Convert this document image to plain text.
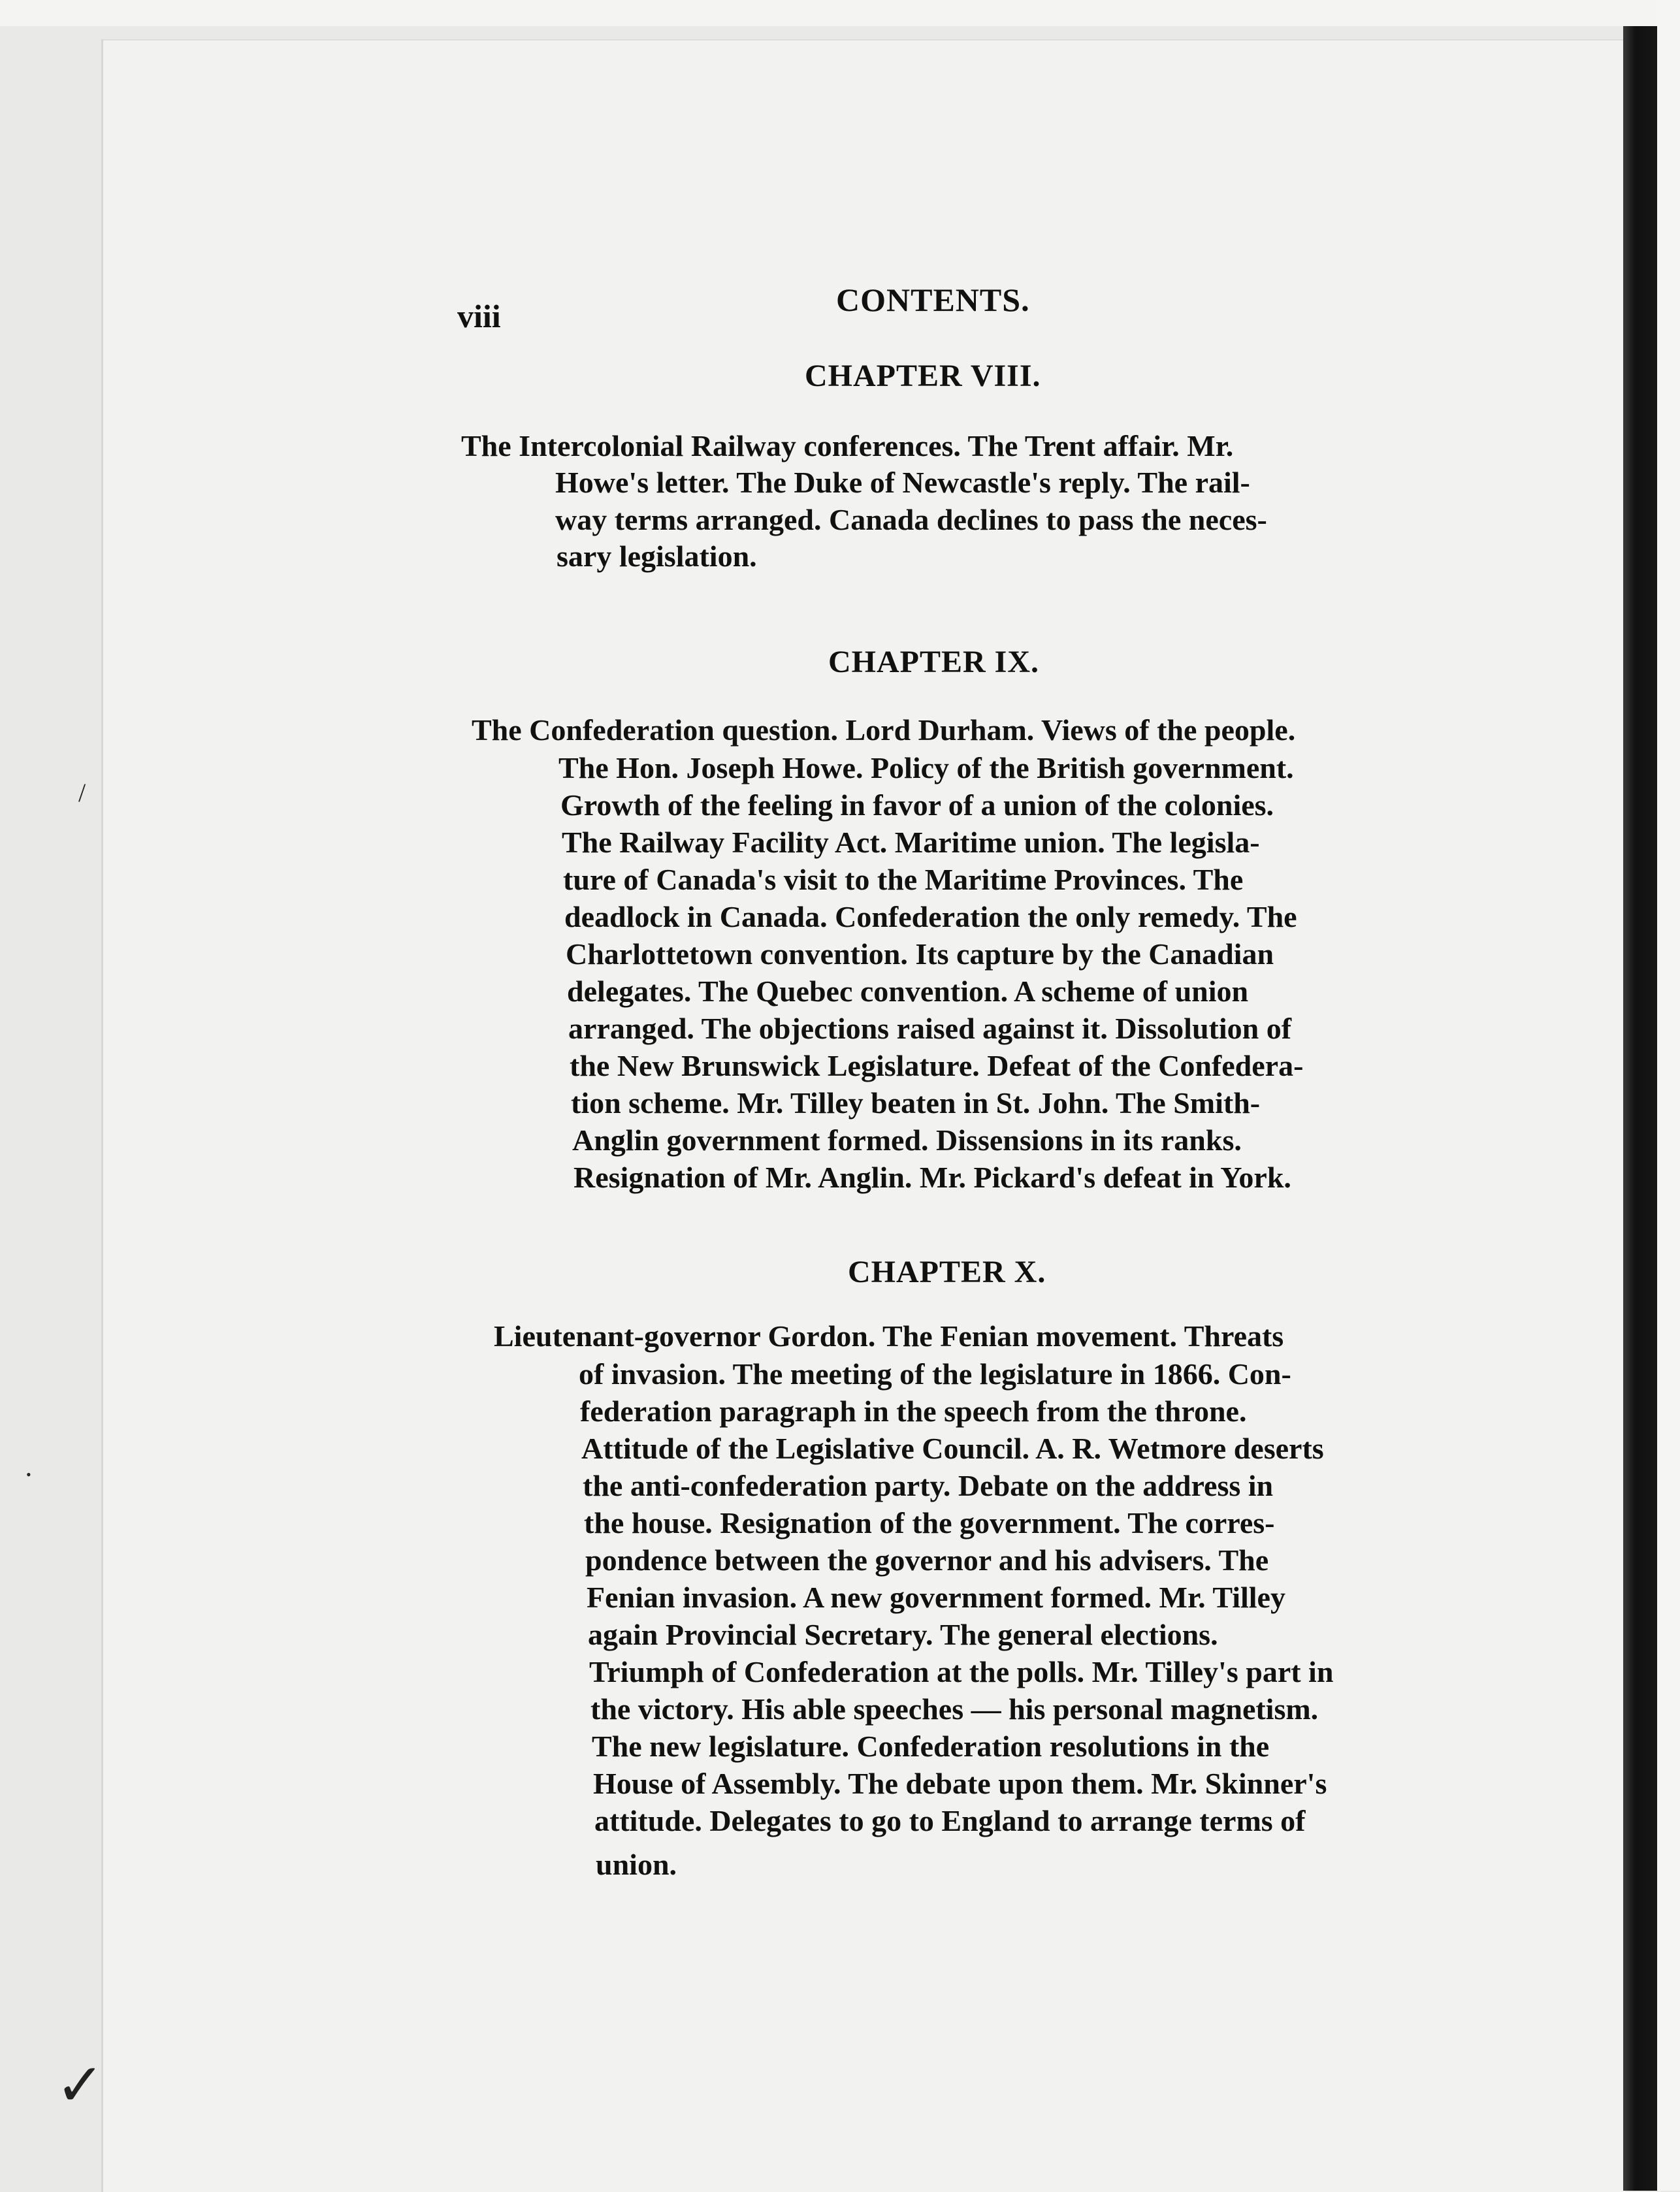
/
•
✓
viii	CONTENTS.
CHAPTER VIII.
The Intercolonial Railway conferences. The Trent affair. Mr.
Howe's letter. The Duke of Newcastle's reply. The rail-
way terms arranged. Canada declines to pass the neces-
sary legislation.
CHAPTER IX.
The Confederation question. Lord Durham. Views of the people.
The Hon. Joseph Howe. Policy of the British government.
Growth of the feeling in favor of a union of the colonies.
The Railway Facility Act. Maritime union. The legisla-
ture of Canada's visit to the Maritime Provinces. The
deadlock in Canada. Confederation the only remedy. The
Charlottetown convention. Its capture by the Canadian
delegates. The Quebec convention. A scheme of union
arranged. The objections raised against it. Dissolution of
the New Brunswick Legislature. Defeat of the Confedera-
tion scheme. Mr. Tilley beaten in St. John. The Smith-
Anglin government formed. Dissensions in its ranks.
Resignation of Mr. Anglin. Mr. Pickard's defeat in York.
CHAPTER X.
Lieutenant-governor Gordon. The Fenian movement. Threats
of invasion. The meeting of the legislature in 1866. Con-
federation paragraph in the speech from the throne.
Attitude of the Legislative Council. A. R. Wetmore deserts
the anti-confederation party. Debate on the address in
the house. Resignation of the government. The corres-
pondence between the governor and his advisers. The
Fenian invasion. A new government formed. Mr. Tilley
again Provincial Secretary. The general elections.
Triumph of Confederation at the polls. Mr. Tilley's part in
the victory. His able speeches — his personal magnetism.
The new legislature. Confederation resolutions in the
House of Assembly. The debate upon them. Mr. Skinner's
attitude. Delegates to go to England to arrange terms of
union.
